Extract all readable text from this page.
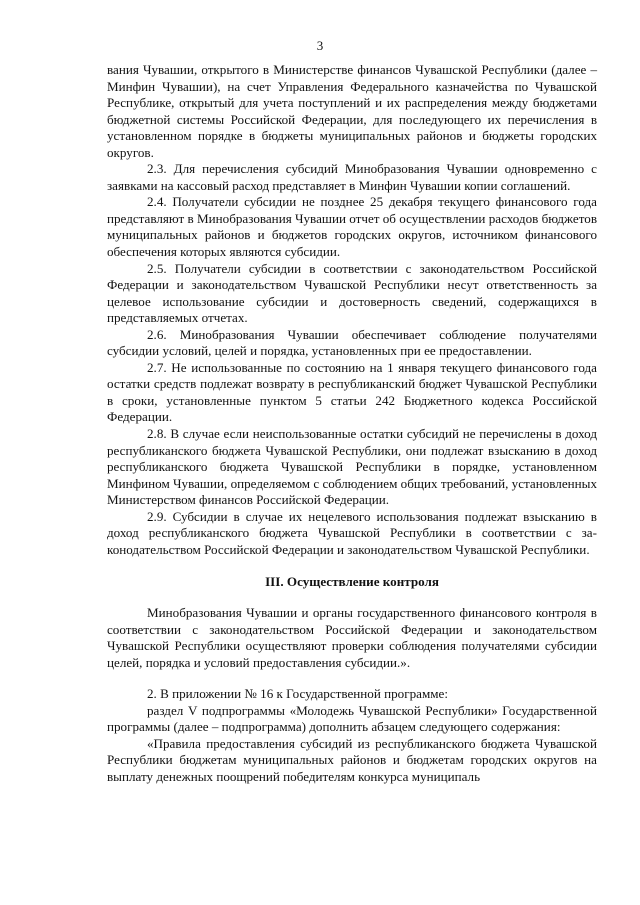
3

вания Чувашии, открытого в Министерстве финансов Чувашской Республики (далее – Минфин Чувашии), на счет Управления Федерального казначейства по Чувашской Республике, открытый для учета поступлений и их распределения между бюджетами бюджетной системы Российской Федерации, для последующего их перечисления в установленном порядке в бюджеты муниципальных районов и бюджеты городских округов.

2.3. Для перечисления субсидий Минобразования Чувашии одновременно с заявками на кассовый расход представляет в Минфин Чувашии копии соглашений.

2.4. Получатели субсидии не позднее 25 декабря текущего финансового года представляют в Минобразования Чувашии отчет об осуществлении расходов бюджетов муниципальных районов и бюджетов городских округов, источником финансового обеспечения которых являются субсидии.

2.5. Получатели субсидии в соответствии с законодательством Российской Федерации и законодательством Чувашской Республики несут ответственность за целевое использование субсидии и достоверность сведений, содержащихся в представляемых отчетах.

2.6. Минобразования Чувашии обеспечивает соблюдение получателями субсидии условий, целей и порядка, установленных при ее предоставлении.

2.7. Не использованные по состоянию на 1 января текущего финансового года остатки средств подлежат возврату в республиканский бюджет Чувашской Республики в сроки, установленные пунктом 5 статьи 242 Бюджетного кодекса Российской Федерации.

2.8. В случае если неиспользованные остатки субсидий не перечислены в доход республиканского бюджета Чувашской Республики, они подлежат взысканию в доход республиканского бюджета Чувашской Республики в порядке, установленном Минфином Чувашии, определяемом с соблюдением общих требований, установленных Министерством финансов Российской Федерации.

2.9. Субсидии в случае их нецелевого использования подлежат взысканию в доход республиканского бюджета Чувашской Республики в соответствии с законодательством Российской Федерации и законодательством Чувашской Республики.

III. Осуществление контроля

Минобразования Чувашии и органы государственного финансового контроля в соответствии с законодательством Российской Федерации и законодательством Чувашской Республики осуществляют проверки соблюдения получателями субсидии целей, порядка и условий предоставления субсидии.».

2. В приложении № 16 к Государственной программе:

раздел V подпрограммы «Молодежь Чувашской Республики» Государственной программы (далее – подпрограмма) дополнить абзацем следующего содержания:

«Правила предоставления субсидий из республиканского бюджета Чувашской Республики бюджетам муниципальных районов и бюджетам городских округов на выплату денежных поощрений победителям конкурса муниципаль
